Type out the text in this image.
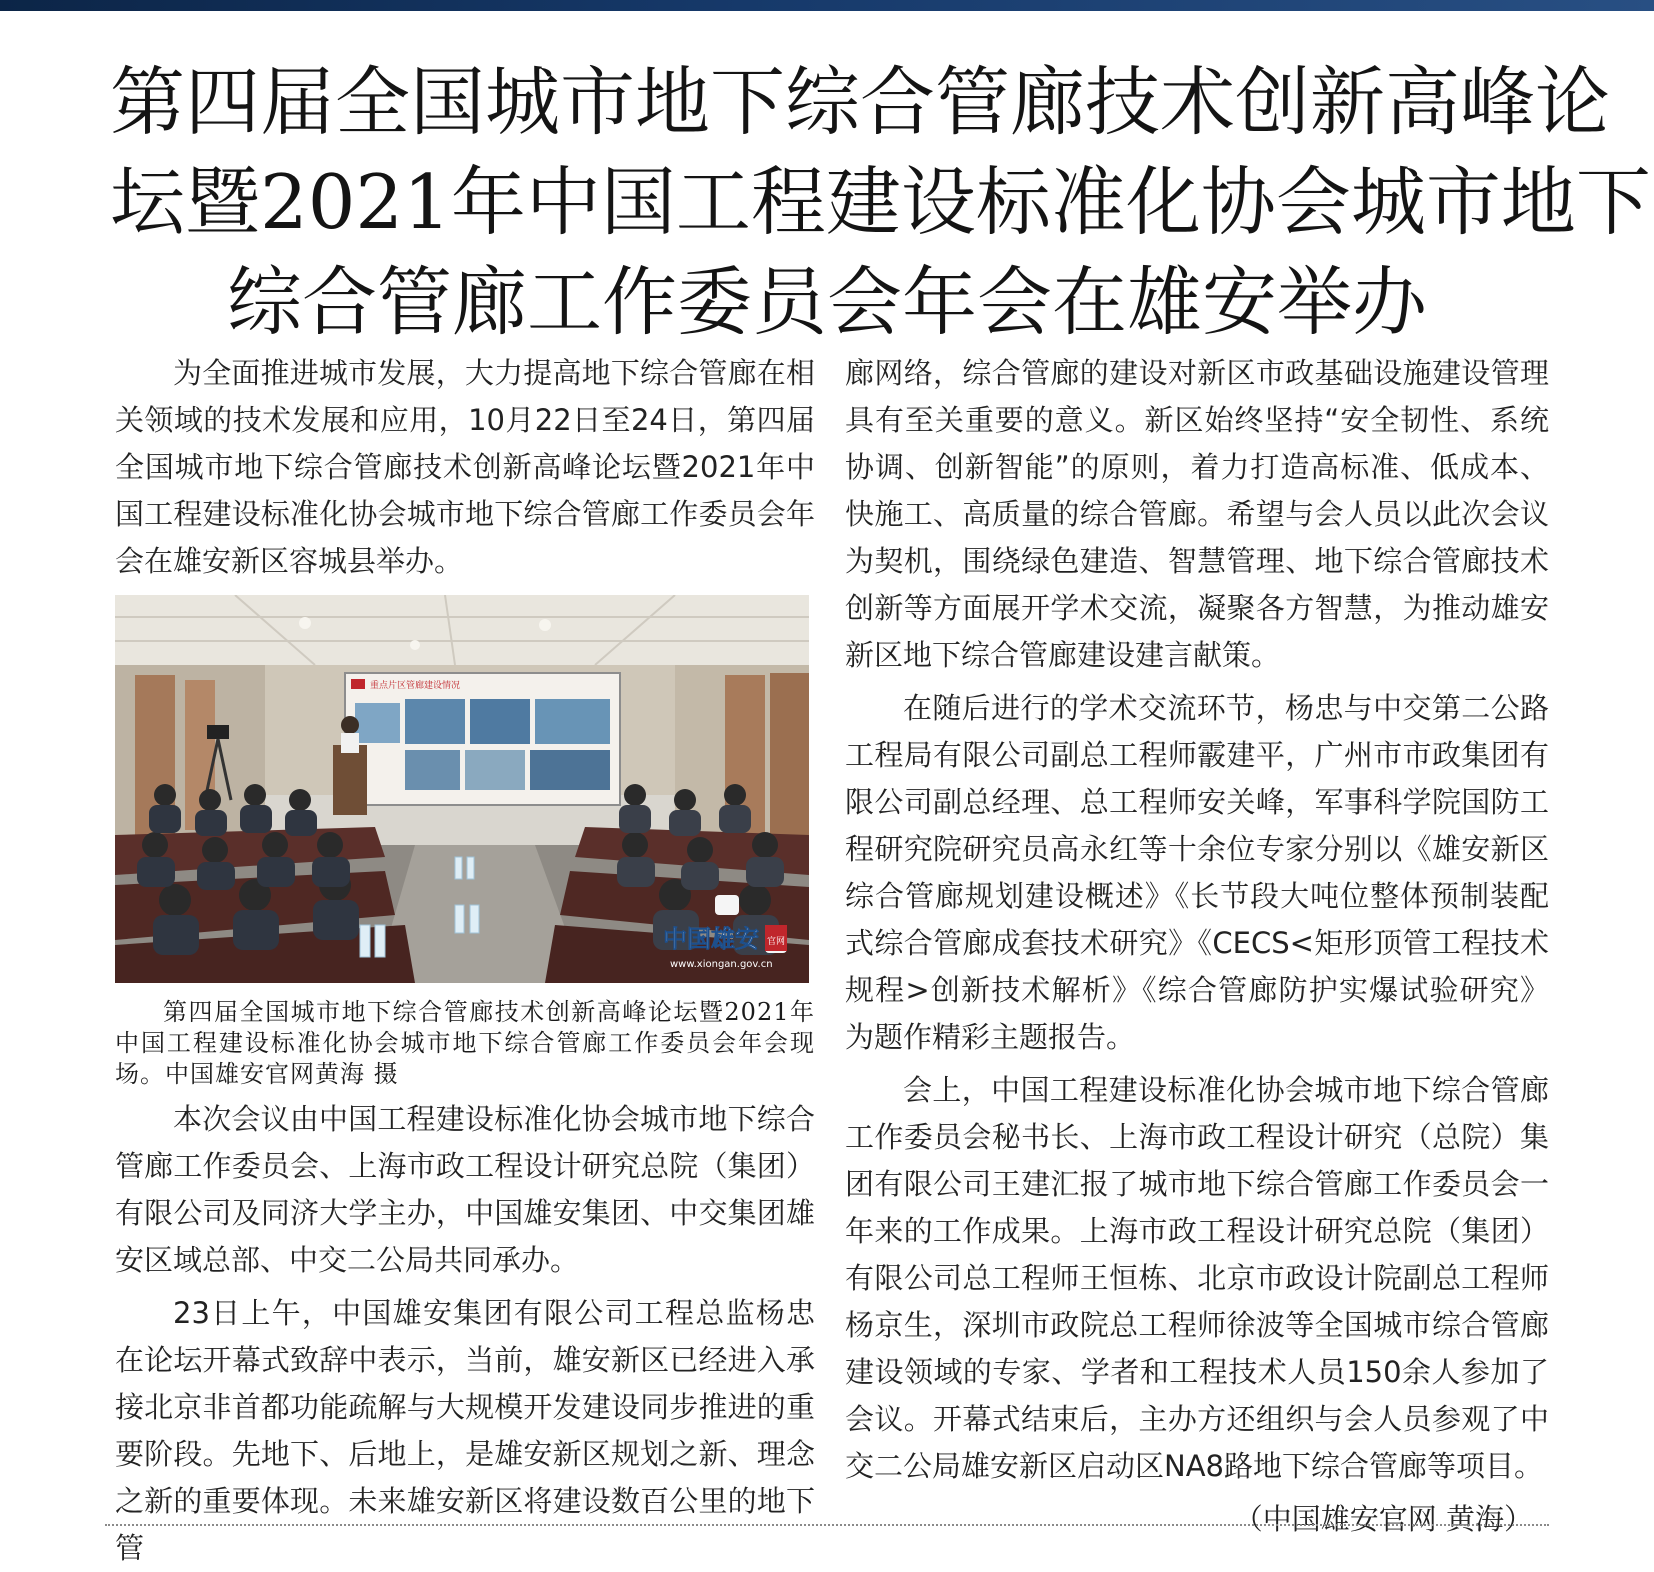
第四届全国城市地下综合管廊技术创新高峰论
坛暨2021年中国工程建设标准化协会城市地下
综合管廊工作委员会年会在雄安举办

为全面推进城市发展，大力提高地下综合管廊在相关领域的技术发展和应用，10月22日至24日，第四届全国城市地下综合管廊技术创新高峰论坛暨2021年中国工程建设标准化协会城市地下综合管廊工作委员会年会在雄安新区容城县举办。

重点片区管廊建设情况
中国雄安 官网
www.xiongan.gov.cn

第四届全国城市地下综合管廊技术创新高峰论坛暨2021年中国工程建设标准化协会城市地下综合管廊工作委员会年会现场。中国雄安官网黄海 摄

本次会议由中国工程建设标准化协会城市地下综合管廊工作委员会、上海市政工程设计研究总院（集团）有限公司及同济大学主办，中国雄安集团、中交集团雄安区域总部、中交二公局共同承办。

23日上午，中国雄安集团有限公司工程总监杨忠在论坛开幕式致辞中表示，当前，雄安新区已经进入承接北京非首都功能疏解与大规模开发建设同步推进的重要阶段。先地下、后地上，是雄安新区规划之新、理念之新的重要体现。未来雄安新区将建设数百公里的地下管

廊网络，综合管廊的建设对新区市政基础设施建设管理具有至关重要的意义。新区始终坚持“安全韧性、系统协调、创新智能”的原则，着力打造高标准、低成本、快施工、高质量的综合管廊。希望与会人员以此次会议为契机，围绕绿色建造、智慧管理、地下综合管廊技术创新等方面展开学术交流，凝聚各方智慧，为推动雄安新区地下综合管廊建设建言献策。

在随后进行的学术交流环节，杨忠与中交第二公路工程局有限公司副总工程师霰建平，广州市市政集团有限公司副总经理、总工程师安关峰，军事科学院国防工程研究院研究员高永红等十余位专家分别以《雄安新区综合管廊规划建设概述》《长节段大吨位整体预制装配式综合管廊成套技术研究》《CECS<矩形顶管工程技术规程>创新技术解析》《综合管廊防护实爆试验研究》为题作精彩主题报告。

会上，中国工程建设标准化协会城市地下综合管廊工作委员会秘书长、上海市政工程设计研究（总院）集团有限公司王建汇报了城市地下综合管廊工作委员会一年来的工作成果。上海市政工程设计研究总院（集团）有限公司总工程师王恒栋、北京市政设计院副总工程师杨京生，深圳市政院总工程师徐波等全国城市综合管廊建设领域的专家、学者和工程技术人员150余人参加了会议。开幕式结束后，主办方还组织与会人员参观了中交二公局雄安新区启动区NA8路地下综合管廊等项目。

（中国雄安官网 黄海）
